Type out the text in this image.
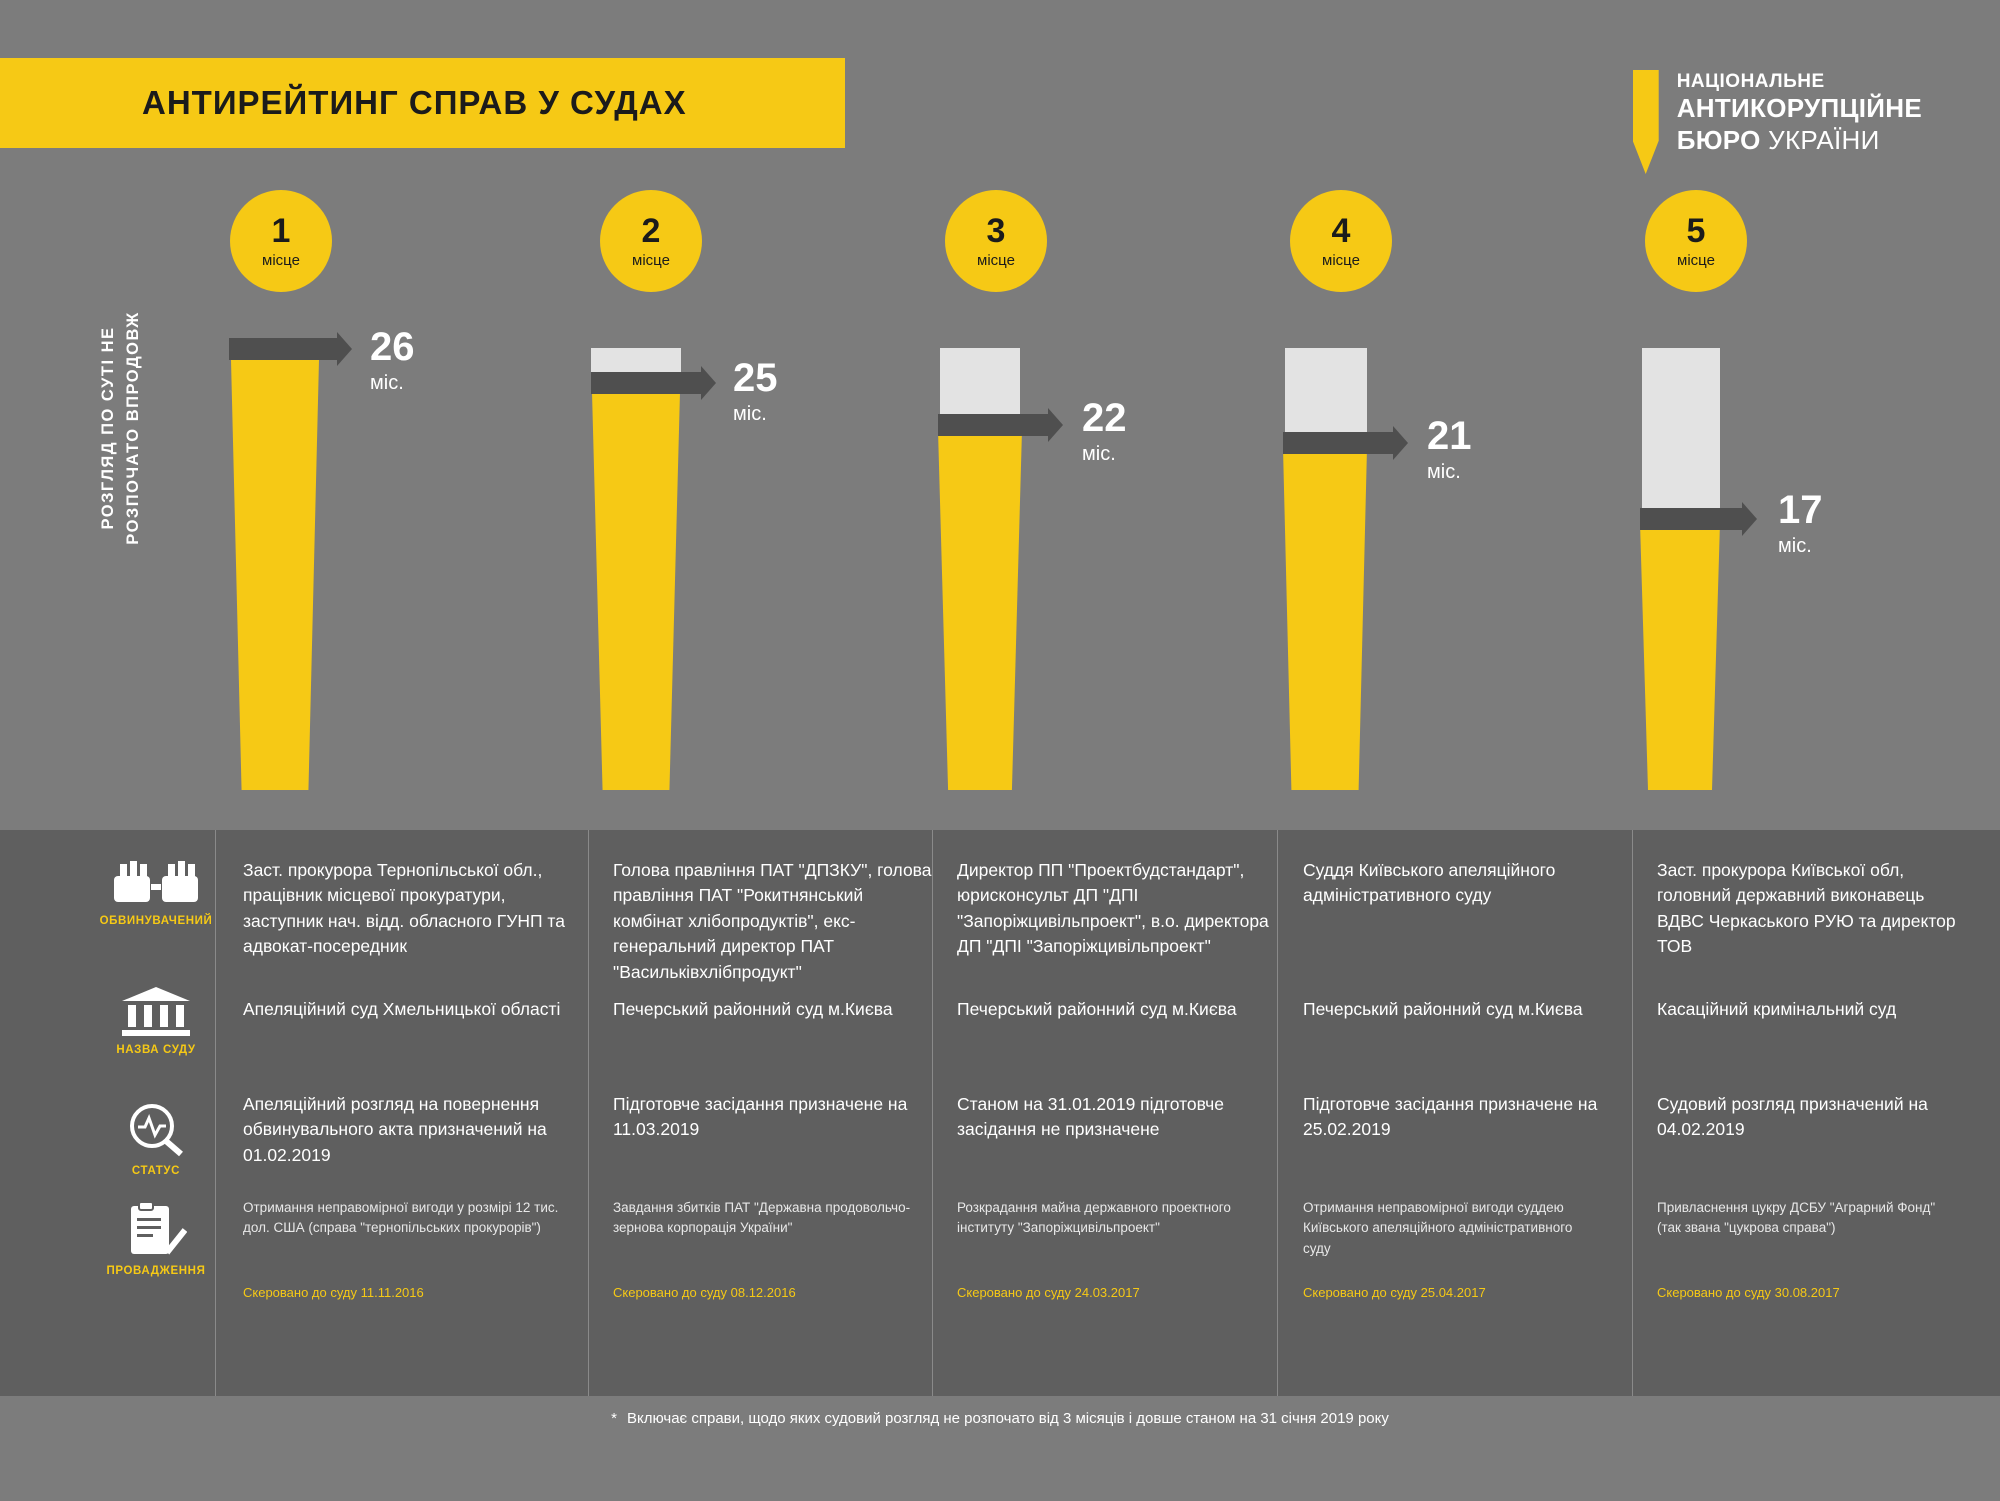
АНТИРЕЙТИНГ СПРАВ У СУДАХ
НАЦІОНАЛЬНЕ
АНТИКОРУПЦІЙНЕ
БЮРО УКРАЇНИ
РОЗГЛЯД ПО СУТІ НЕ РОЗПОЧАТО ВПРОДОВЖ
1
місце
26
міс.
2
місце
25
міс.
3
місце
22
міс.
4
місце
21
міс.
5
місце
17
міс.
ОБВИНУВАЧЕНИЙ
НАЗВА СУДУ
СТАТУС
ПРОВАДЖЕННЯ
Заст. прокурора Тернопільської обл., працівник місцевої прокуратури, заступник нач. відд. обласного ГУНП та адвокат-посередник
Апеляційний суд Хмельницької області
Апеляційний розгляд на повернення обвинувального акта призначений на 01.02.2019
Отримання неправомірної вигоди у розмірі 12 тис. дол. США (справа "тернопільських прокурорів")
Скеровано до суду 11.11.2016
Голова правління ПАТ "ДПЗКУ", голова правління ПАТ "Рокитнянський комбінат хлібопродуктів", екс-генеральний директор ПАТ "Васильківхлібпродукт"
Печерський районний суд м.Києва
Підготовче засідання призначене на 11.03.2019
Завдання збитків ПАТ "Державна продовольчо-зернова корпорація України"
Скеровано до суду 08.12.2016
Директор ПП "Проектбудстандарт", юрисконсульт ДП "ДПІ "Запоріжцивільпроект", в.о. директора ДП "ДПІ "Запоріжцивільпроект"
Печерський районний суд м.Києва
Станом на 31.01.2019 підготовче засідання не призначене
Розкрадання майна державного проектного інституту "Запоріжцивільпроект"
Скеровано до суду 24.03.2017
Суддя Київського апеляційного адміністративного суду
Печерський районний суд м.Києва
Підготовче засідання призначене на 25.02.2019
Отримання неправомірної вигоди суддею Київського апеляційного адміністративного суду
Скеровано до суду 25.04.2017
Заст. прокурора Київської обл, головний державний виконавець ВДВС Черкаського РУЮ та директор ТОВ
Касаційний кримінальний суд
Судовий розгляд призначений на 04.02.2019
Привласнення цукру ДСБУ "Аграрний Фонд" (так звана "цукрова справа")
Скеровано до суду 30.08.2017
* Включає справи, щодо яких судовий розгляд не розпочато від 3 місяців і довше станом на 31 січня 2019 року
